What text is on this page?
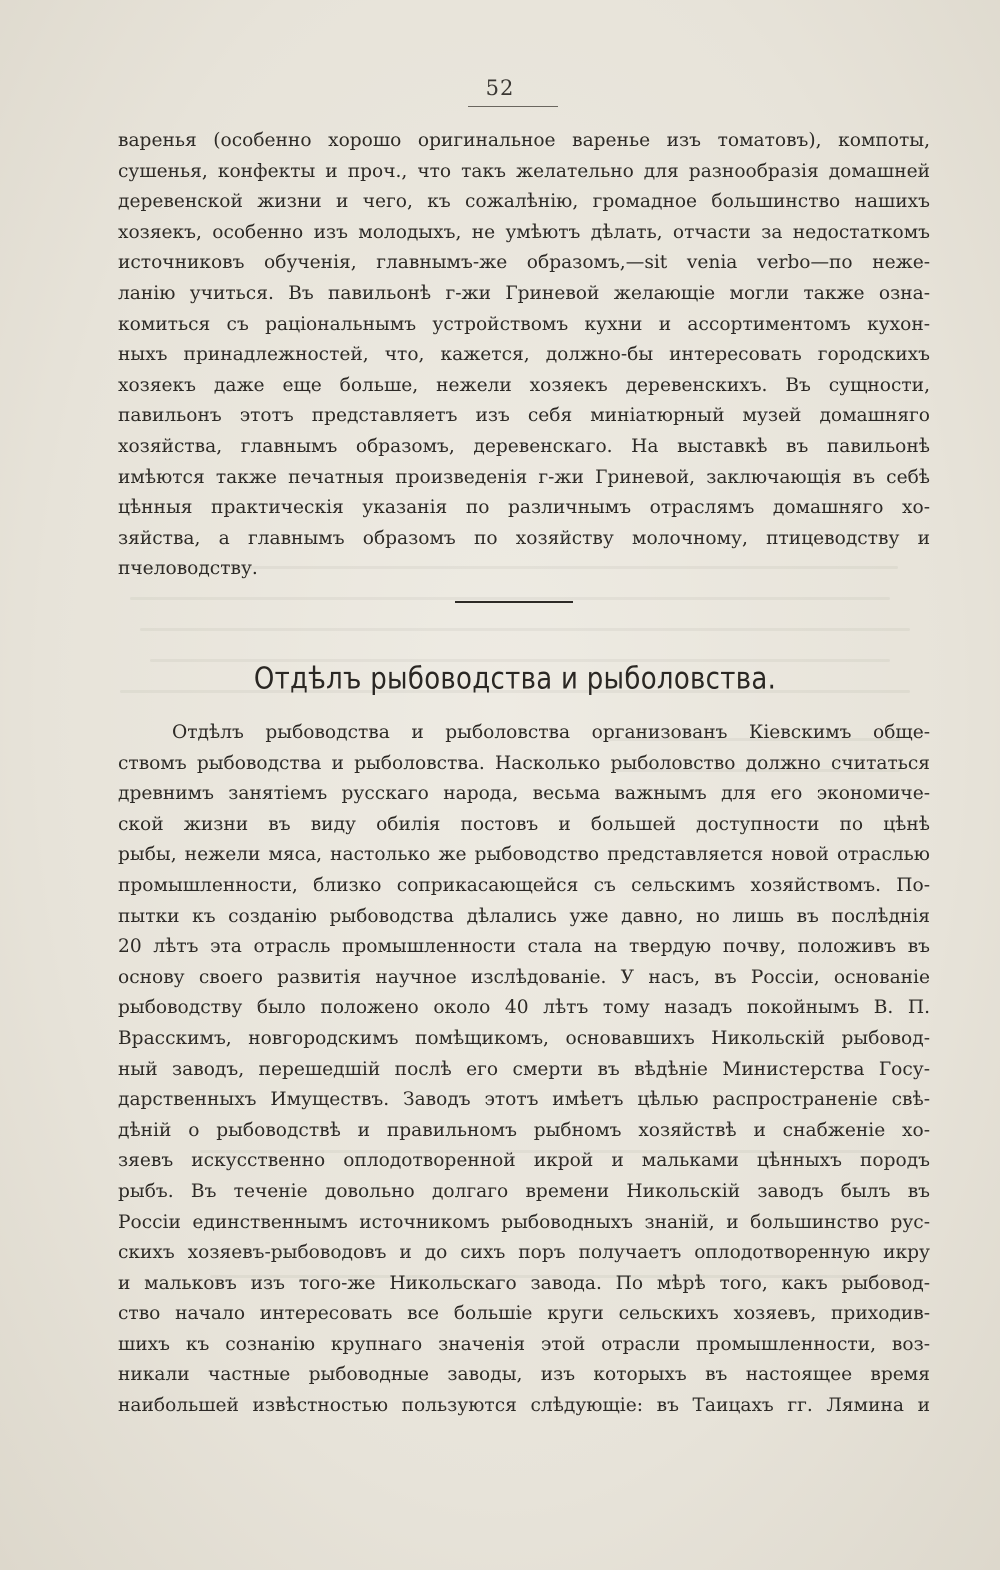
52
варенья (особенно хорошо оригинальное варенье изъ томатовъ), компоты,
сушенья, конфекты и проч., что такъ желательно для разнообразія домашней
деревенской жизни и чего, къ сожалѣнію, громадное большинство нашихъ
хозяекъ, особенно изъ молодыхъ, не умѣютъ дѣлать, отчасти за недостаткомъ
источниковъ обученія, главнымъ-же образомъ,—sit venia verbo—по неже-
ланію учиться. Въ павильонѣ г-жи Гриневой желающіе могли также озна-
комиться съ раціональнымъ устройствомъ кухни и ассортиментомъ кухон-
ныхъ принадлежностей, что, кажется, должно-бы интересовать городскихъ
хозяекъ даже еще больше, нежели хозяекъ деревенскихъ. Въ сущности,
павильонъ этотъ представляетъ изъ себя миніатюрный музей домашняго
хозяйства, главнымъ образомъ, деревенскаго. На выставкѣ въ павильонѣ
имѣются также печатныя произведенія г-жи Гриневой, заключающія въ себѣ
цѣнныя практическія указанія по различнымъ отраслямъ домашняго хо-
зяйства, а главнымъ образомъ по хозяйству молочному, птицеводству и
пчеловодству.
Отдѣлъ рыбоводства и рыболовства.
Отдѣлъ рыбоводства и рыболовства организованъ Кіевскимъ обще-
ствомъ рыбоводства и рыболовства. Насколько рыболовство должно считаться
древнимъ занятіемъ русскаго народа, весьма важнымъ для его экономиче-
ской жизни въ виду обилія постовъ и большей доступности по цѣнѣ
рыбы, нежели мяса, настолько же рыбоводство представляется новой отраслью
промышленности, близко соприкасающейся съ сельскимъ хозяйствомъ. По-
пытки къ созданію рыбоводства дѣлались уже давно, но лишь въ послѣднія
20 лѣтъ эта отрасль промышленности стала на твердую почву, положивъ въ
основу своего развитія научное изслѣдованіе. У насъ, въ Россіи, основаніе
рыбоводству было положено около 40 лѣтъ тому назадъ покойнымъ В. П.
Врасскимъ, новгородскимъ помѣщикомъ, основавшихъ Никольскій рыбовод-
ный заводъ, перешедшій послѣ его смерти въ вѣдѣніе Министерства Госу-
дарственныхъ Имуществъ. Заводъ этотъ имѣетъ цѣлью распространеніе свѣ-
дѣній о рыбоводствѣ и правильномъ рыбномъ хозяйствѣ и снабженіе хо-
зяевъ искусственно оплодотворенной икрой и мальками цѣнныхъ породъ
рыбъ. Въ теченіе довольно долгаго времени Никольскій заводъ былъ въ
Россіи единственнымъ источникомъ рыбоводныхъ знаній, и большинство рус-
скихъ хозяевъ-рыбоводовъ и до сихъ поръ получаетъ оплодотворенную икру
и мальковъ изъ того-же Никольскаго завода. По мѣрѣ того, какъ рыбовод-
ство начало интересовать все большіе круги сельскихъ хозяевъ, приходив-
шихъ къ сознанію крупнаго значенія этой отрасли промышленности, воз-
никали частные рыбоводные заводы, изъ которыхъ въ настоящее время
наибольшей извѣстностью пользуются слѣдующіе: въ Таицахъ гг. Лямина и
